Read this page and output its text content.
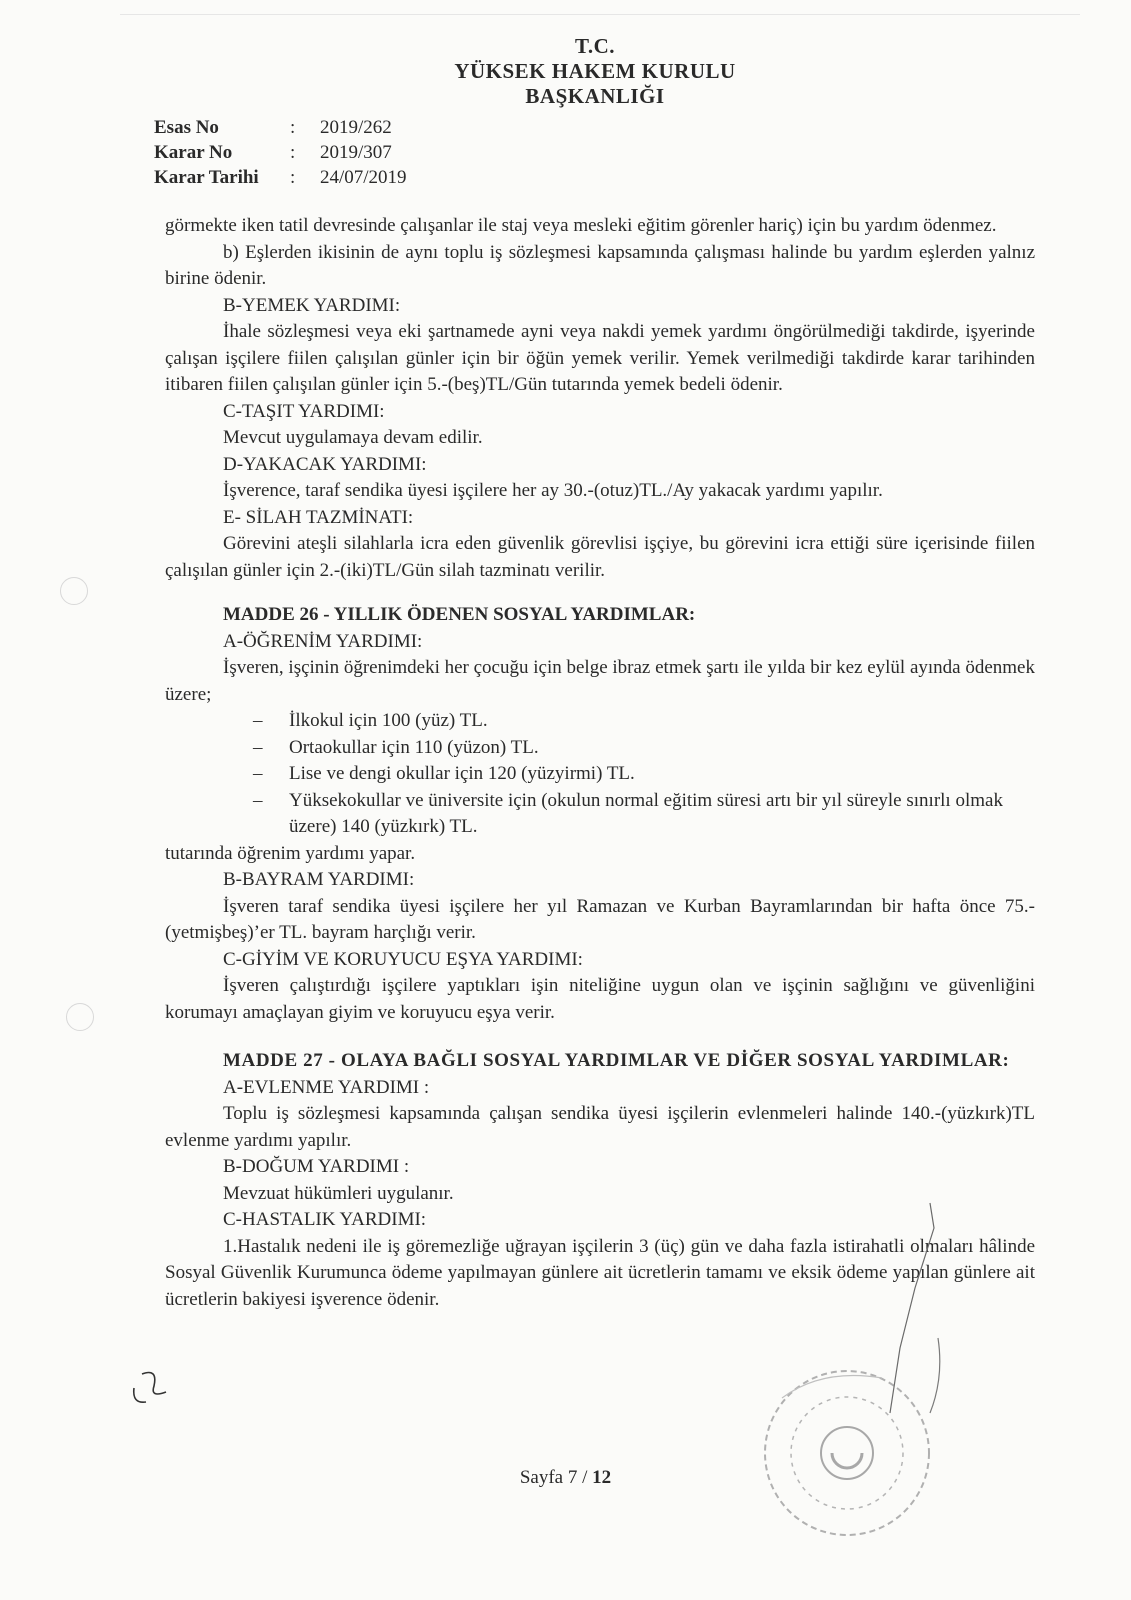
T.C.
YÜKSEK HAKEM KURULU
BAŞKANLIĞI
Esas No	:	2019/262
Karar No	:	2019/307
Karar Tarihi	:	24/07/2019

görmekte iken tatil devresinde çalışanlar ile staj veya mesleki eğitim görenler hariç) için bu yardım ödenmez.

b) Eşlerden ikisinin de aynı toplu iş sözleşmesi kapsamında çalışması halinde bu yardım eşlerden yalnız birine ödenir.

B-YEMEK YARDIMI:

İhale sözleşmesi veya eki şartnamede ayni veya nakdi yemek yardımı öngörülmediği takdirde, işyerinde çalışan işçilere fiilen çalışılan günler için bir öğün yemek verilir. Yemek verilmediği takdirde karar tarihinden itibaren fiilen çalışılan günler için 5.-(beş)TL/Gün tutarında yemek bedeli ödenir.

C-TAŞIT YARDIMI:

Mevcut uygulamaya devam edilir.

D-YAKACAK YARDIMI:

İşverence, taraf sendika üyesi işçilere her ay 30.-(otuz)TL./Ay yakacak yardımı yapılır.

E- SİLAH TAZMİNATI:

Görevini ateşli silahlarla icra eden güvenlik görevlisi işçiye, bu görevini icra ettiği süre içerisinde fiilen çalışılan günler için 2.-(iki)TL/Gün silah tazminatı verilir.

MADDE 26 - YILLIK ÖDENEN SOSYAL YARDIMLAR:

A-ÖĞRENİM YARDIMI:

İşveren, işçinin öğrenimdeki her çocuğu için belge ibraz etmek şartı ile yılda bir kez eylül ayında ödenmek üzere;

– İlkokul için 100 (yüz) TL.
– Ortaokullar için 110 (yüzon) TL.
– Lise ve dengi okullar için 120 (yüzyirmi) TL.
– Yüksekokullar ve üniversite için (okulun normal eğitim süresi artı bir yıl süreyle sınırlı olmak üzere) 140 (yüzkırk) TL.

tutarında öğrenim yardımı yapar.

B-BAYRAM YARDIMI:

İşveren taraf sendika üyesi işçilere her yıl Ramazan ve Kurban Bayramlarından bir hafta önce 75.-(yetmişbeş)’er TL. bayram harçlığı verir.

C-GİYİM VE KORUYUCU EŞYA YARDIMI:

İşveren çalıştırdığı işçilere yaptıkları işin niteliğine uygun olan ve işçinin sağlığını ve güvenliğini korumayı amaçlayan giyim ve koruyucu eşya verir.

MADDE 27 - OLAYA BAĞLI SOSYAL YARDIMLAR VE DİĞER SOSYAL YARDIMLAR:

A-EVLENME YARDIMI :

Toplu iş sözleşmesi kapsamında çalışan sendika üyesi işçilerin evlenmeleri halinde 140.-(yüzkırk)TL evlenme yardımı yapılır.

B-DOĞUM YARDIMI :

Mevzuat hükümleri uygulanır.

C-HASTALIK YARDIMI:

1.Hastalık nedeni ile iş göremezliğe uğrayan işçilerin 3 (üç) gün ve daha fazla istirahatli olmaları hâlinde Sosyal Güvenlik Kurumunca ödeme yapılmayan günlere ait ücretlerin tamamı ve eksik ödeme yapılan günlere ait ücretlerin bakiyesi işverence ödenir.

Sayfa 7 / 12
